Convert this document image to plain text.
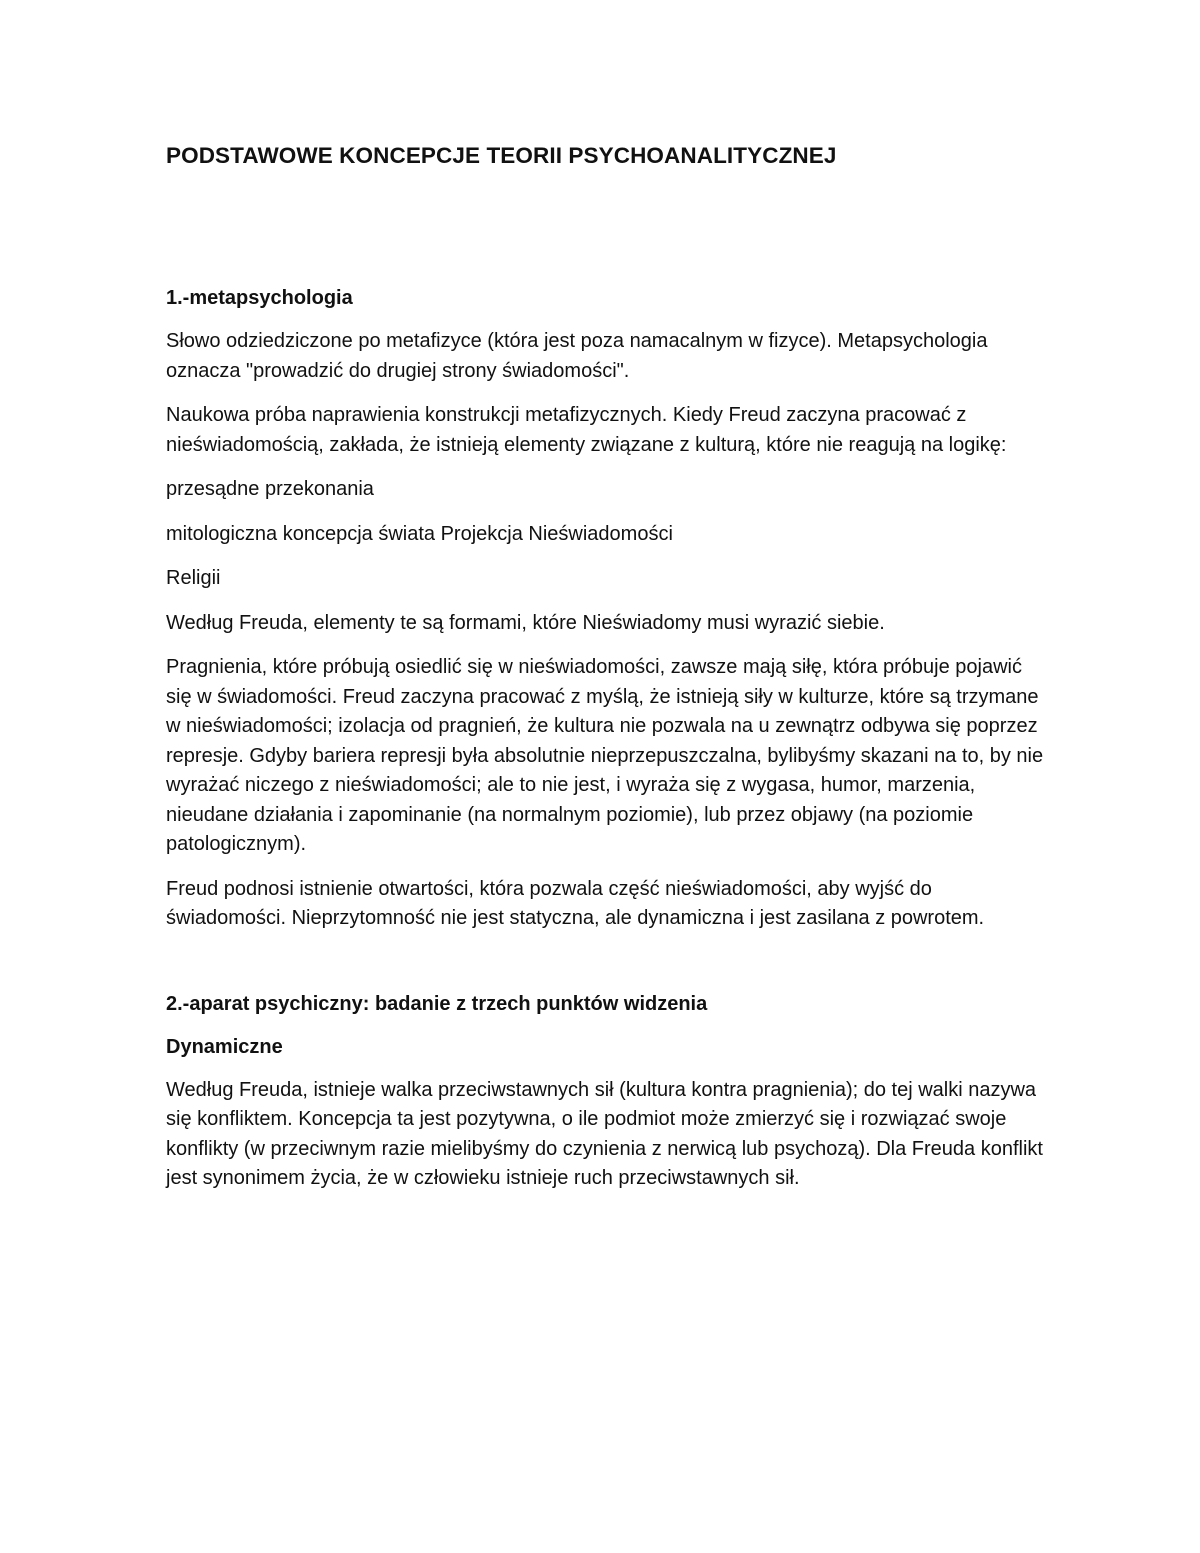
PODSTAWOWE KONCEPCJE TEORII PSYCHOANALITYCZNEJ
1.-metapsychologia

Słowo odziedziczone po metafizyce (która jest poza namacalnym w fizyce). Metapsychologia oznacza "prowadzić do drugiej strony świadomości".

Naukowa próba naprawienia konstrukcji metafizycznych. Kiedy Freud zaczyna pracować z nieświadomością, zakłada, że istnieją elementy związane z kulturą, które nie reagują na logikę:

przesądne przekonania

mitologiczna koncepcja świata Projekcja Nieświadomości

Religii

Według Freuda, elementy te są formami, które Nieświadomy musi wyrazić siebie.

Pragnienia, które próbują osiedlić się w nieświadomości, zawsze mają siłę, która próbuje pojawić się w świadomości. Freud zaczyna pracować z myślą, że istnieją siły w kulturze, które są trzymane w nieświadomości; izolacja od pragnień, że kultura nie pozwala na u zewnątrz odbywa się poprzez represje. Gdyby bariera represji była absolutnie nieprzepuszczalna, bylibyśmy skazani na to, by nie wyrażać niczego z nieświadomości; ale to nie jest, i wyraża się z wygasa, humor, marzenia, nieudane działania i zapominanie (na normalnym poziomie), lub przez objawy (na poziomie patologicznym).

Freud podnosi istnienie otwartości, która pozwala część nieświadomości, aby wyjść do świadomości. Nieprzytomność nie jest statyczna, ale dynamiczna i jest zasilana z powrotem.

2.-aparat psychiczny: badanie z trzech punktów widzenia
Dynamiczne

Według Freuda, istnieje walka przeciwstawnych sił (kultura kontra pragnienia); do tej walki nazywa się konfliktem. Koncepcja ta jest pozytywna, o ile podmiot może zmierzyć się i rozwiązać swoje konflikty (w przeciwnym razie mielibyśmy do czynienia z nerwicą lub psychozą). Dla Freuda konflikt jest synonimem życia, że w człowieku istnieje ruch przeciwstawnych sił.
